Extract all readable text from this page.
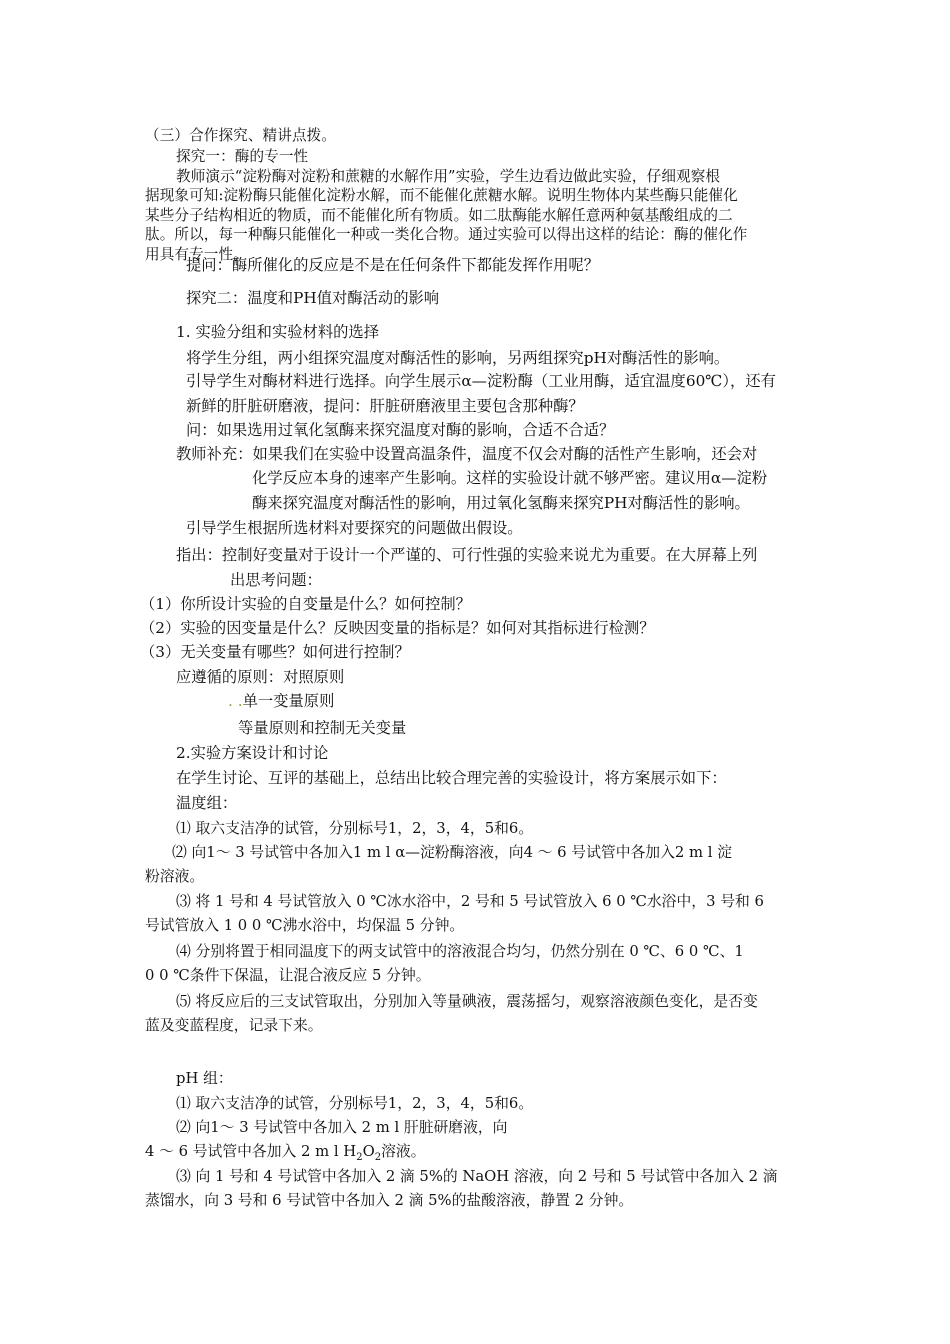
（三）合作探究、精讲点拨。
探究一：酶的专一性
教师演示“淀粉酶对淀粉和蔗糖的水解作用”实验，学生边看边做此实验，仔细观察根
据现象可知:淀粉酶只能催化淀粉水解，而不能催化蔗糖水解。说明生物体内某些酶只能催化
某些分子结构相近的物质，而不能催化所有物质。如二肽酶能水解任意两种氨基酸组成的二
肽。所以，每一种酶只能催化一种或一类化合物。通过实验可以得出这样的结论：酶的催化作
用具有专一性。
提问：酶所催化的反应是不是在任何条件下都能发挥作用呢？
探究二：温度和PH值对酶活动的影响
1. 实验分组和实验材料的选择
将学生分组，两小组探究温度对酶活性的影响，另两组探究pH对酶活性的影响。
引导学生对酶材料进行选择。向学生展示α—淀粉酶（工业用酶，适宜温度60℃），还有
新鲜的肝脏研磨液，提问：肝脏研磨液里主要包含那种酶？
问：如果选用过氧化氢酶来探究温度对酶的影响，合适不合适？
教师补充：如果我们在实验中设置高温条件，温度不仅会对酶的活性产生影响，还会对
化学反应本身的速率产生影响。这样的实验设计就不够严密。建议用α—淀粉
酶来探究温度对酶活性的影响，用过氧化氢酶来探究PH对酶活性的影响。
引导学生根据所选材料对要探究的问题做出假设。
指出：控制好变量对于设计一个严谨的、可行性强的实验来说尤为重要。在大屏幕上列
出思考问题：
（1）你所设计实验的自变量是什么？如何控制？
（2）实验的因变量是什么？反映因变量的指标是？如何对其指标进行检测？
（3）无关变量有哪些？如何进行控制？
应遵循的原则：对照原则
. .单一变量原则
等量原则和控制无关变量
2.实验方案设计和讨论
在学生讨论、互评的基础上，总结出比较合理完善的实验设计，将方案展示如下：
温度组：
⑴ 取六支洁净的试管，分别标号1，2，3，4，5和6。
⑵ 向1～ 3 号试管中各加入1 m l α—淀粉酶溶液，向4 ～ 6 号试管中各加入2 m l 淀
粉溶液。
⑶ 将 1 号和 4 号试管放入 0 ℃冰水浴中，2 号和 5 号试管放入 6 0 ℃水浴中，3 号和 6
号试管放入 1 0 0 ℃沸水浴中，均保温 5 分钟。
⑷ 分别将置于相同温度下的两支试管中的溶液混合均匀，仍然分别在 0 ℃、6 0 ℃、1
0 0 ℃条件下保温，让混合液反应 5 分钟。
⑸ 将反应后的三支试管取出，分别加入等量碘液，震荡摇匀，观察溶液颜色变化，是否变
蓝及变蓝程度，记录下来。
pH 组：
⑴ 取六支洁净的试管，分别标号1，2，3，4，5和6。
⑵ 向1～ 3 号试管中各加入 2 m l 肝脏研磨液，向
4 ～ 6 号试管中各加入 2 m l $H_2O_2$溶液。
⑶ 向 1 号和 4 号试管中各加入 2 滴 5%的 NaOH 溶液，向 2 号和 5 号试管中各加入 2 滴
蒸馏水，向 3 号和 6 号试管中各加入 2 滴 5%的盐酸溶液，静置 2 分钟。
